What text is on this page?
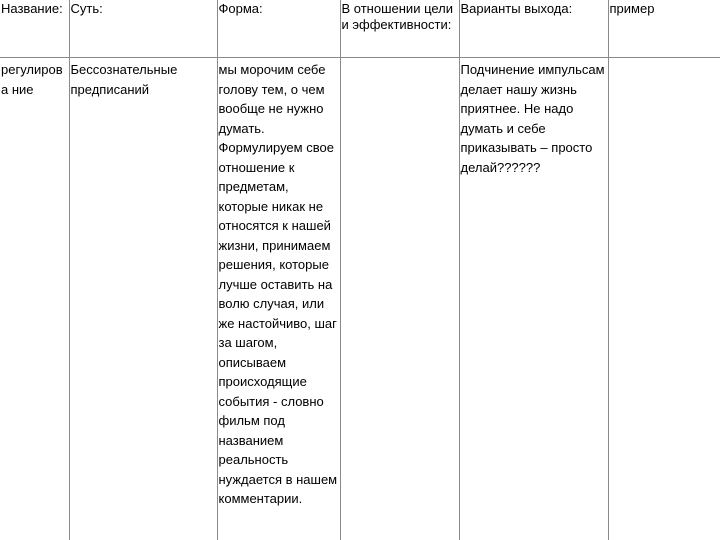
Название:	Суть:	Форма:	В отношении цели и эффективности:	Варианты выхода:	пример

регулирова ние	Бессознательные предписаний	мы морочим себе голову тем, о чем вообще не нужно думать. Формулируем свое отношение к предметам, которые никак не относятся к нашей жизни, принимаем решения, которые лучше оставить на волю случая, или же настойчиво, шаг за шагом, описываем происходящие события - словно фильм под названием реальность нуждается в нашем комментарии.		Подчинение импульсам делает нашу жизнь приятнее. Не надо думать и себе приказывать – просто делай??????	
